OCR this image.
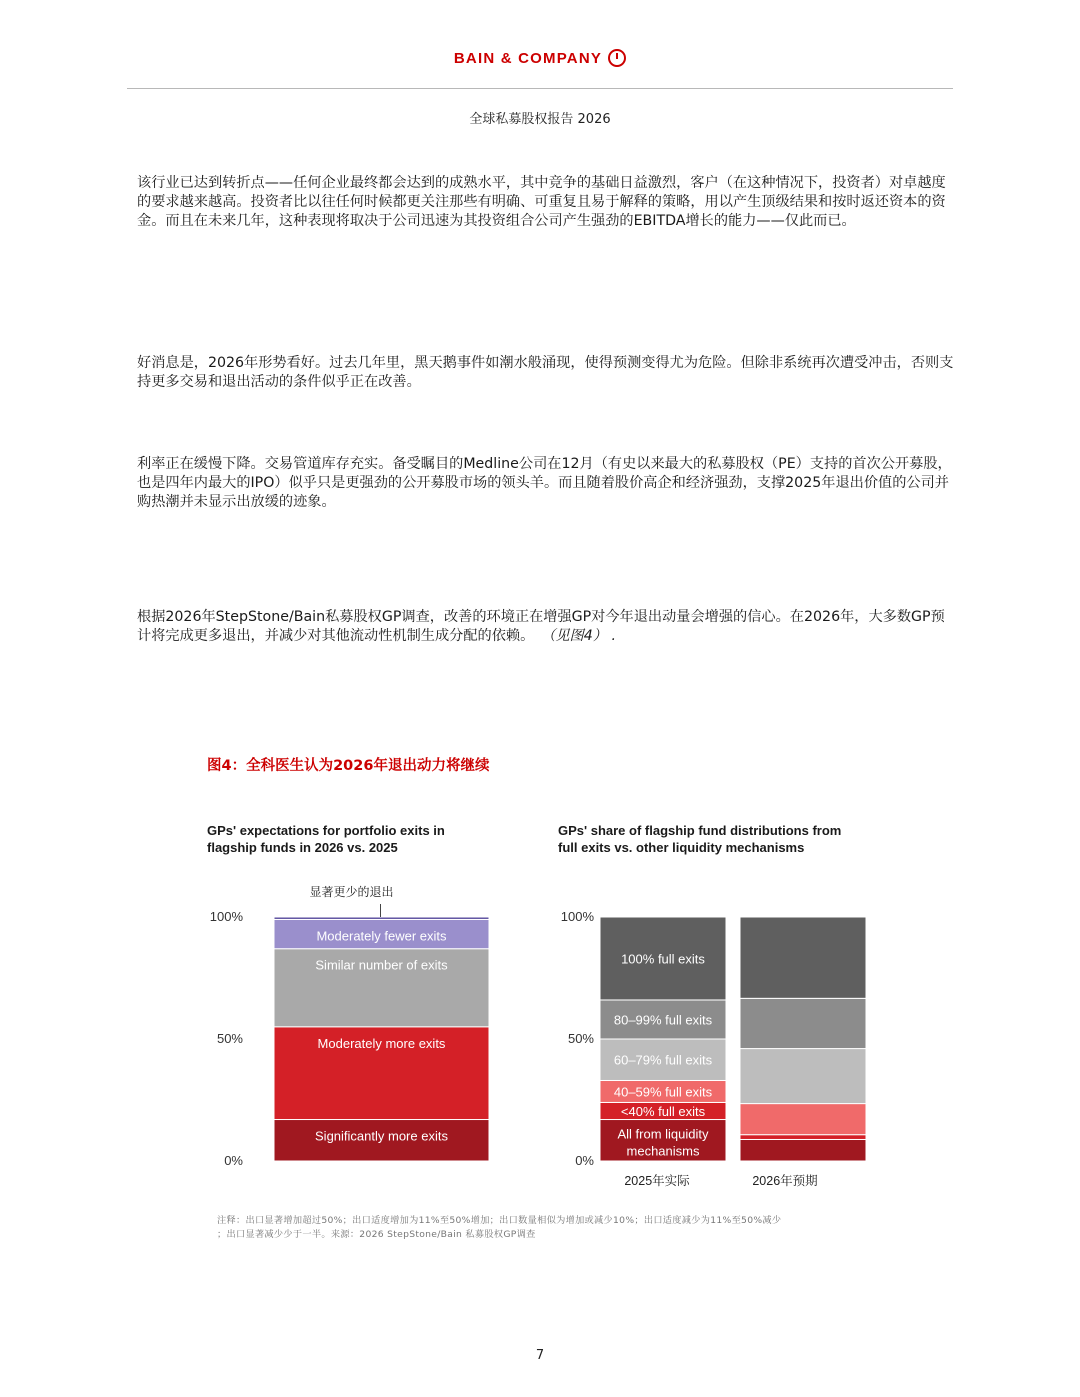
BAIN & COMPANY
全球私募股权报告 2026

该行业已达到转折点——任何企业最终都会达到的成熟水平，其中竞争的基础日益激烈，客户（在这种情况下，投资者）对卓越度的要求越来越高。投资者比以往任何时候都更关注那些有明确、可重复且易于解释的策略，用以产生顶级结果和按时返还资本的资金。而且在未来几年，这种表现将取决于公司迅速为其投资组合公司产生强劲的EBITDA增长的能力——仅此而已。

好消息是，2026年形势看好。过去几年里，黑天鹅事件如潮水般涌现，使得预测变得尤为危险。但除非系统再次遭受冲击，否则支持更多交易和退出活动的条件似乎正在改善。

利率正在缓慢下降。交易管道库存充实。备受瞩目的Medline公司在12月（有史以来最大的私募股权（PE）支持的首次公开募股，也是四年内最大的IPO）似乎只是更强劲的公开募股市场的领头羊。而且随着股价高企和经济强劲，支撑2025年退出价值的公司并购热潮并未显示出放缓的迹象。

根据2026年StepStone/Bain私募股权GP调查，改善的环境正在增强GP对今年退出动量会增强的信心。在2026年，大多数GP预计将完成更多退出，并减少对其他流动性机制生成分配的依赖。 （见图4） .

图4：全科医生认为2026年退出动力将继续

GPs' expectations for portfolio exits in
flagship funds in 2026 vs. 2025

GPs' share of flagship fund distributions from
full exits vs. other liquidity mechanisms

100%
50%
0%
Significantly more exits
Moderately more exits
Similar number of exits
Moderately fewer exits
显著更少的退出
100%
50%
0%
All from liquidity
mechanisms
<40% full exits
40–59% full exits
60–79% full exits
80–99% full exits
100% full exits
2025年实际	2026年预期

注释：出口显著增加超过50%；出口适度增加为11%至50%增加；出口数量相似为增加或减少10%；出口适度减少为11%至50%减少
；出口显著减少少于一半。来源：2026 StepStone/Bain 私募股权GP调查

7
